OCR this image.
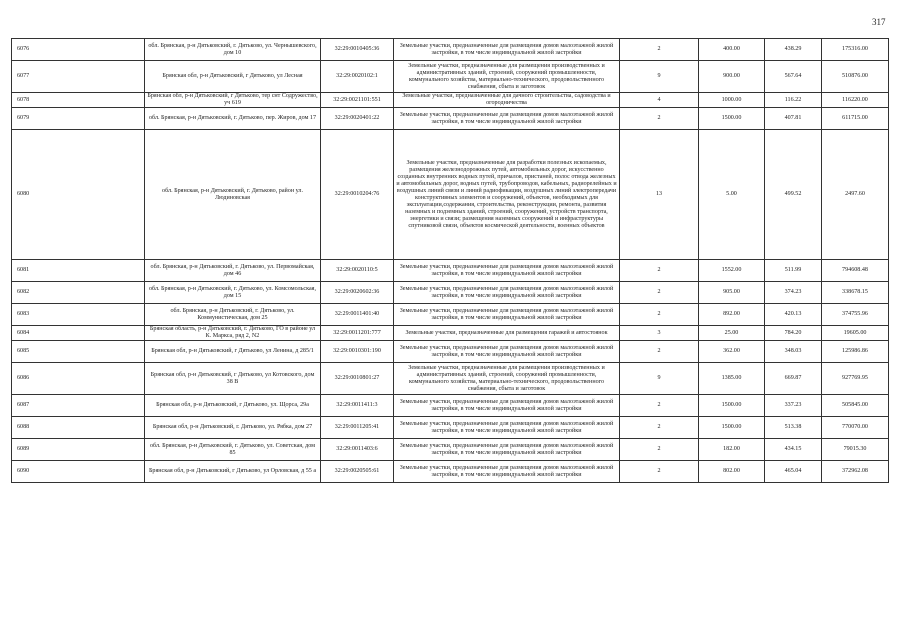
317
6076	обл. Брянская, р-н Дятьковский, г. Дятьково, ул. Чернышевского, дом 10	32:29:0010405:36	Земельные участки, предназначенные для размещения домов малоэтажной жилой застройки, в том числе индивидуальной жилой застройки	2	400.00	438.29	175316.00
6077	Брянская обл, р-н Дятьковский, г Дятьково, ул Лесная	32:29:0020102:1	Земельные участки, предназначенные для размещения производственных и административных зданий, строений, сооружений промышленности, коммунального хозяйства, материально-технического, продовольственного снабжения, сбыта и заготовок	9	900.00	567.64	510876.00
6078	Брянская обл, р-н Дятьковский, г Дятьково, тер снт Содружество, уч 619	32:29:0021101:551	Земельные участки, предназначенные для дачного строительства, садоводства и огородничества	4	1000.00	116.22	116220.00
6079	обл. Брянская, р-н Дятьковский, г. Дятьково, пер. Жиров, дом 17	32:29:0020401:22	Земельные участки, предназначенные для размещения домов малоэтажной жилой застройки, в том числе индивидуальной жилой застройки	2	1500.00	407.81	611715.00
6080	обл. Брянская, р-н Дятьковский, г. Дятьково, район ул. Людиновская	32:29:0010204:76	Земельные участки, предназначенные для разработки полезных ископаемых, размещения железнодорожных путей, автомобильных дорог, искусственно созданных внутренних водных путей, причалов, пристаней, полос отвода железных и автомобильных дорог, водных путей, трубопроводов, кабельных, радиорелейных и воздушных линий связи и линий радиофикации, воздушных линий электропередачи конструктивных элементов и сооружений, объектов, необходимых для эксплуатации,содержания, строительства, реконструкции, ремонта, развития наземных и подземных зданий, строений, сооружений, устройств транспорта, энергетики и связи; размещения наземных сооружений и инфраструктуры спутниковой связи, объектов космической деятельности, военных объектов	13	5.00	499.52	2497.60
6081	обл. Брянская, р-н Дятьковский, г. Дятьково, ул. Первомайская, дом 46	32:29:0020110:5	Земельные участки, предназначенные для размещения домов малоэтажной жилой застройки, в том числе индивидуальной жилой застройки	2	1552.00	511.99	794608.48
6082	обл. Брянская, р-н Дятьковский, г. Дятьково, ул. Комсомольская, дом 15	32:29:0020602:36	Земельные участки, предназначенные для размещения домов малоэтажной жилой застройки, в том числе индивидуальной жилой застройки	2	905.00	374.23	338678.15
6083	обл. Брянская, р-н Дятьковский, г. Дятьково, ул. Коммунистическая, дом 25	32:29:0011401:40	Земельные участки, предназначенные для размещения домов малоэтажной жилой застройки, в том числе индивидуальной жилой застройки	2	892.00	420.13	374755.96
6084	Брянская область, р-н Дятьковский, г. Дятьково, ГО в районе ул К. Маркса, ряд 2, N2	32:29:0011201:777	Земельные участки, предназначенные для размещения гаражей и автостоянок	3	25.00	784.20	19605.00
6085	Брянская обл, р-н Дятьковский, г Дятьково, ул Ленина, д 285/1	32:29:0010301:190	Земельные участки, предназначенные для размещения домов малоэтажной жилой застройки, в том числе индивидуальной жилой застройки	2	362.00	348.03	125986.86
6086	Брянская обл, р-н Дятьковский, г Дятьково, ул Котовского, дом 38 В	32:29:0010801:27	Земельные участки, предназначенные для размещения производственных и административных зданий, строений, сооружений промышленности, коммунального хозяйства, материально-технического, продовольственного снабжения, сбыта и заготовок	9	1385.00	669.87	927769.95
6087	Брянская обл, р-н Дятьковский, г Дятьково, ул. Щорса, 29а	32:29:0011411:3	Земельные участки, предназначенные для размещения домов малоэтажной жилой застройки, в том числе индивидуальной жилой застройки	2	1500.00	337.23	505845.00
6088	Брянская обл, р-н Дятьковский, г. Дятьково, ул. Рябка, дом 27	32:29:0011205:41	Земельные участки, предназначенные для размещения домов малоэтажной жилой застройки, в том числе индивидуальной жилой застройки	2	1500.00	513.38	770070.00
6089	обл. Брянская, р-н Дятьковский, г. Дятьково, ул. Советская, дом 85	32:29:0011403:6	Земельные участки, предназначенные для размещения домов малоэтажной жилой застройки, в том числе индивидуальной жилой застройки	2	182.00	434.15	79015.30
6090	Брянская обл, р-н Дятьковский, г Дятьково, ул Орловская, д 55 а	32:29:0020505:61	Земельные участки, предназначенные для размещения домов малоэтажной жилой застройки, в том числе индивидуальной жилой застройки	2	802.00	465.04	372962.08
